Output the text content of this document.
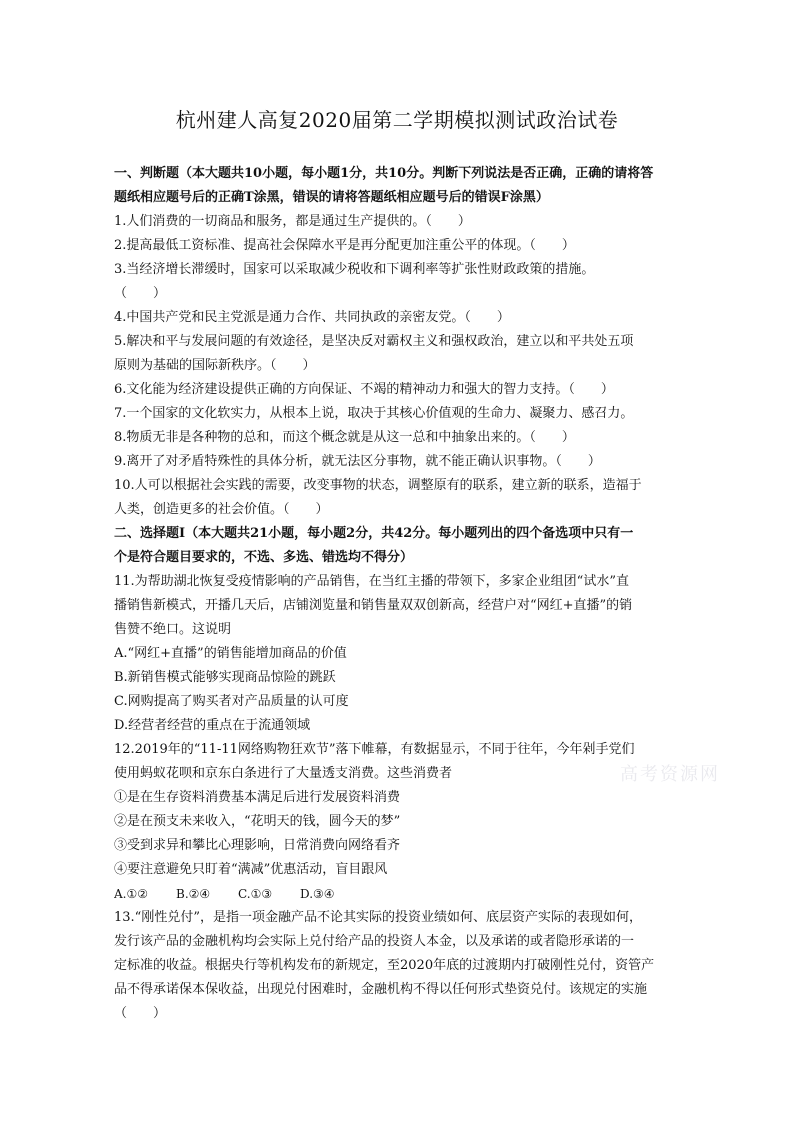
杭州建人高复2020届第二学期模拟测试政治试卷
一、判断题（本大题共10小题，每小题1分，共10分。判断下列说法是否正确，正确的请将答
题纸相应题号后的正确T涂黑，错误的请将答题纸相应题号后的错误F涂黑）
1.人们消费的一切商品和服务，都是通过生产提供的。（　　）
2.提高最低工资标准、提高社会保障水平是再分配更加注重公平的体现。（　　）
3.当经济增长滞缓时，国家可以采取减少税收和下调利率等扩张性财政政策的措施。
（　　）
4.中国共产党和民主党派是通力合作、共同执政的亲密友党。（　　）
5.解决和平与发展问题的有效途径，是坚决反对霸权主义和强权政治，建立以和平共处五项
原则为基础的国际新秩序。（　　）
6.文化能为经济建设提供正确的方向保证、不竭的精神动力和强大的智力支持。（　　）
7.一个国家的文化软实力，从根本上说，取决于其核心价值观的生命力、凝聚力、感召力。
8.物质无非是各种物的总和，而这个概念就是从这一总和中抽象出来的。（　　）
9.离开了对矛盾特殊性的具体分析，就无法区分事物，就不能正确认识事物。（　　）
10.人可以根据社会实践的需要，改变事物的状态，调整原有的联系，建立新的联系，造福于
人类，创造更多的社会价值。（　　）
二、选择题Ⅰ（本大题共21小题，每小题2分，共42分。每小题列出的四个备选项中只有一
个是符合题目要求的，不选、多选、错选均不得分）
11.为帮助湖北恢复受疫情影响的产品销售，在当红主播的带领下，多家企业组团“试水”直
播销售新模式，开播几天后，店铺浏览量和销售量双双创新高，经营户对“网红+直播”的销
售赞不绝口。这说明
A.“网红+直播”的销售能增加商品的价值
B.新销售模式能够实现商品惊险的跳跃
C.网购提高了购买者对产品质量的认可度
D.经营者经营的重点在于流通领域
12.2019年的“11-11网络购物狂欢节”落下帷幕，有数据显示，不同于往年，今年剁手党们
使用蚂蚁花呗和京东白条进行了大量透支消费。这些消费者
①是在生存资料消费基本满足后进行发展资料消费
②是在预支未来收入，“花明天的钱，圆今天的梦”
③受到求异和攀比心理影响，日常消费向网络看齐
④要注意避免只盯着“满减”优惠活动，盲目跟风
A.①②	B.②④	C.①③	D.③④
13.“刚性兑付”，是指一项金融产品不论其实际的投资业绩如何、底层资产实际的表现如何，
发行该产品的金融机构均会实际上兑付给产品的投资人本金，以及承诺的或者隐形承诺的一
定标准的收益。根据央行等机构发布的新规定，至2020年底的过渡期内打破刚性兑付，资管产
品不得承诺保本保收益，出现兑付困难时，金融机构不得以任何形式垫资兑付。该规定的实施
（　　）
高考资源网
